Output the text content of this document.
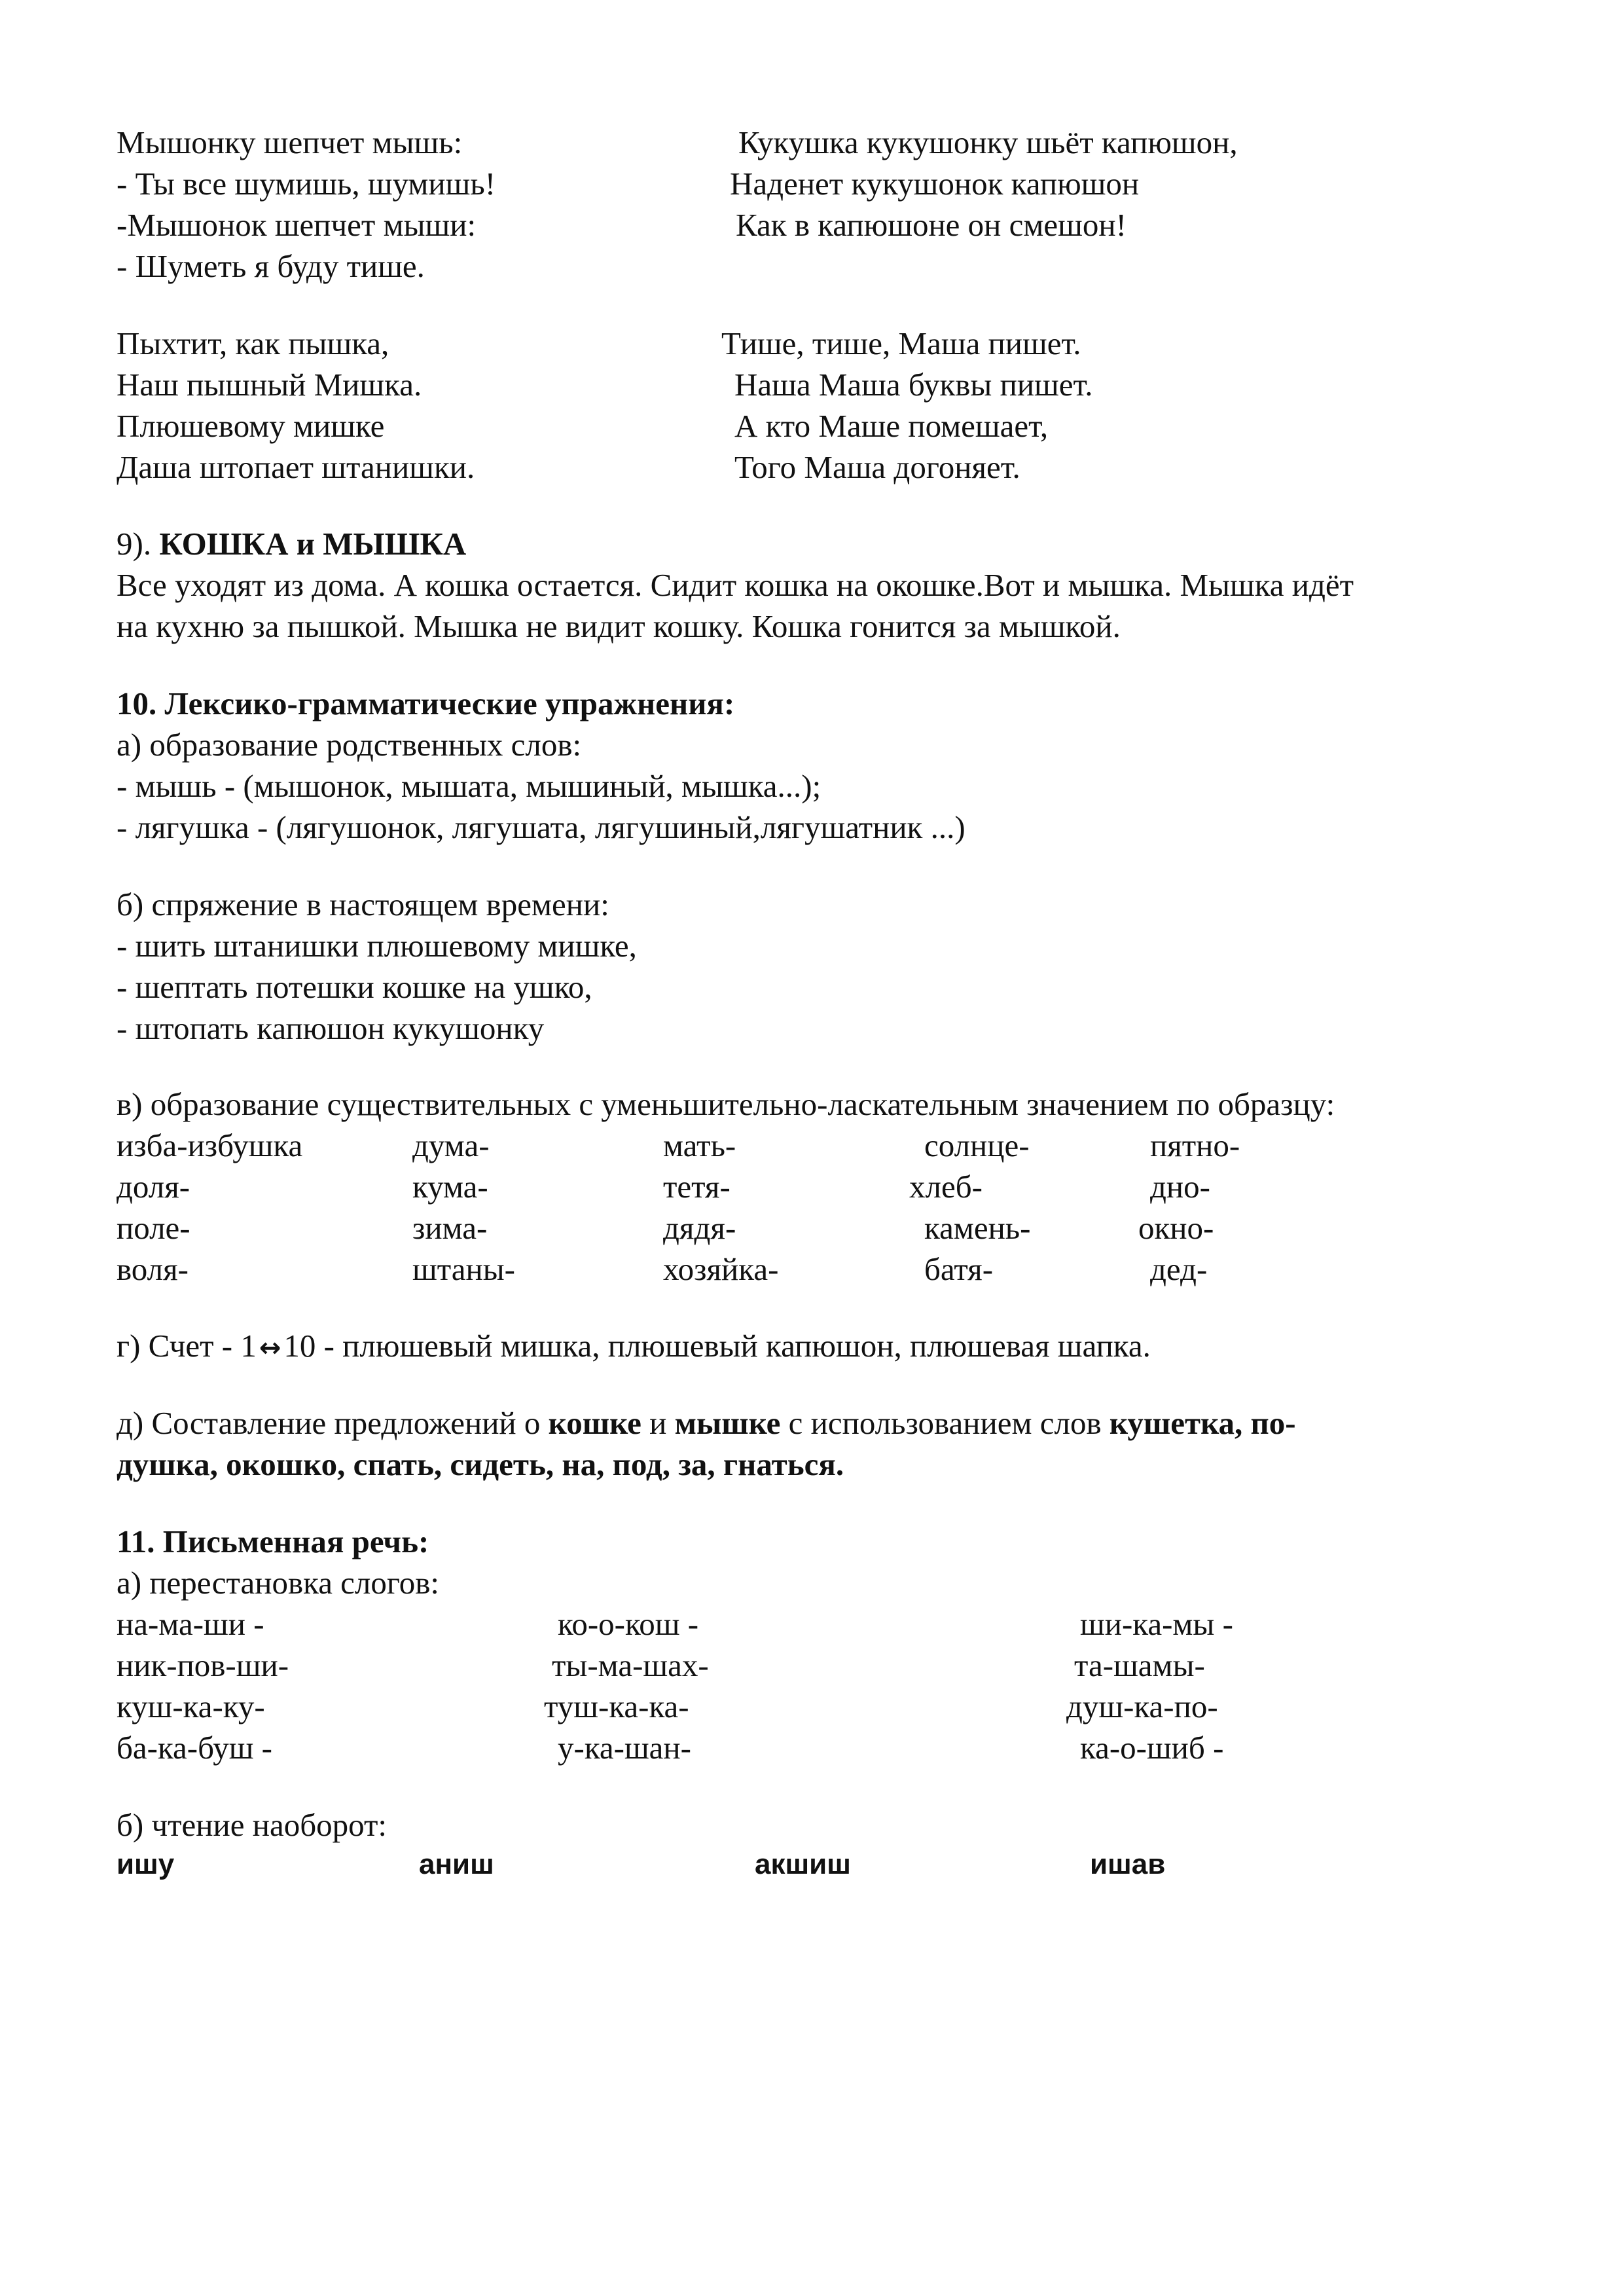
Мышонку шепчет мышь:
- Ты все шумишь, шумишь!
-Мышонок шепчет мыши:
- Шуметь я буду тише.
Кукушка кукушонку шьёт капюшон,
Наденет кукушонок капюшон
Как в капюшоне он смешон!
Пыхтит, как пышка,
Наш пышный Мишка.
Плюшевому мишке
Даша штопает штанишки.
Тише, тише, Маша пишет.
Наша Маша буквы пишет.
А кто Маше помешает,
Того Маша догоняет.
9). КОШКА и МЫШКА
Все уходят из дома. А кошка остается. Сидит кошка на окошке.Вот и мышка. Мышка идёт
на кухню за пышкой. Мышка не видит кошку. Кошка гонится за мышкой.
10. Лексико-грамматические упражнения:
а) образование родственных слов:
- мышь - (мышонок, мышата, мышиный, мышка...);
- лягушка - (лягушонок, лягушата, лягушиный,лягушатник ...)
б) спряжение в настоящем времени:
- шить штанишки плюшевому мишке,
- шептать потешки кошке на ушко,
- штопать капюшон кукушонку
в) образование существительных с уменьшительно-ласкательным значением по образцу:
изба-избушка	дума-	мать-	солнце-	пятно-
доля-	кума-	тетя-	хлеб-	дно-
поле-	зима-	дядя-	камень-	окно-
воля-	штаны-	хозяйка-	батя-	дед-
г) Счет - 1 ↔10 - плюшевый мишка, плюшевый капюшон, плюшевая шапка.
д) Составление предложений о кошке и мышке с использованием слов кушетка, по-
душка, окошко, спать, сидеть, на, под, за, гнаться.
11. Письменная речь:
а) перестановка слогов:
на-ма-ши -	ко-о-кош -	ши-ка-мы -
ник-пов-ши-	ты-ма-шах-	та-шамы-
куш-ка-ку-	туш-ка-ка-	душ-ка-по-
ба-ка-буш -	у-ка-шан-	ка-о-шиб -
б) чтение наоборот:
ишу	аниш	акшиш	ишав
